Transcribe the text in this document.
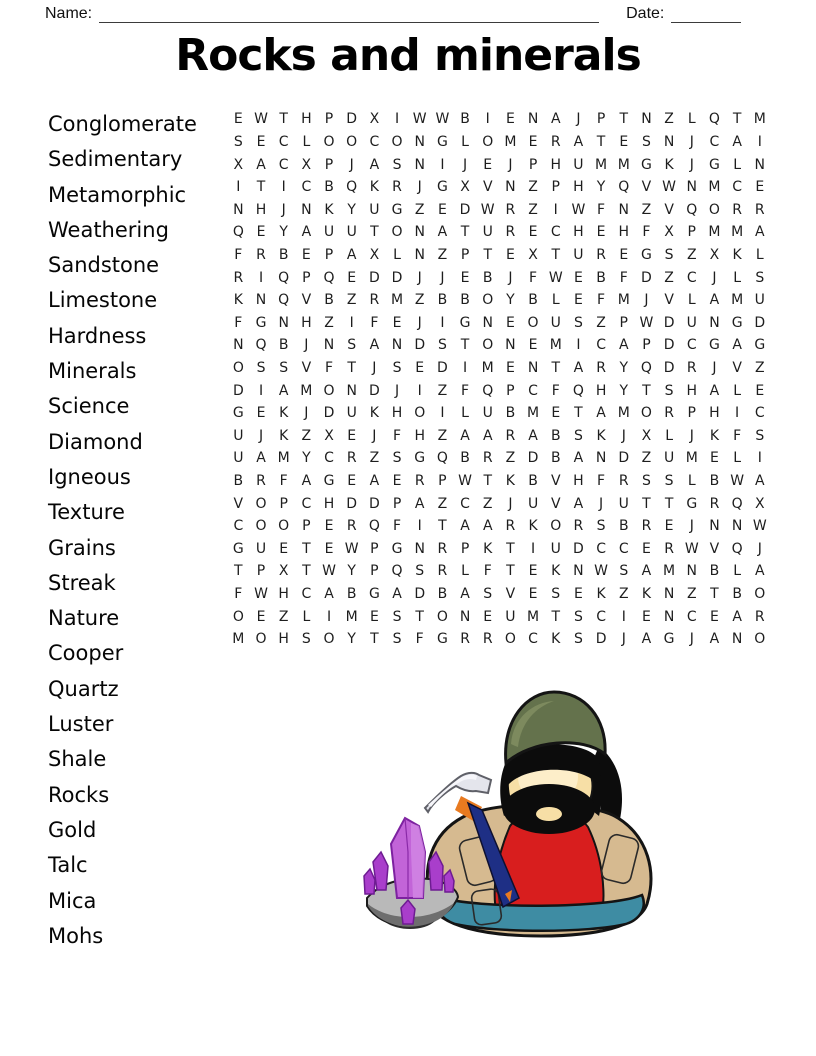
Name:	Date:
Rocks and minerals
Conglomerate
Sedimentary
Metamorphic
Weathering
Sandstone
Limestone
Hardness
Minerals
Science
Diamond
Igneous
Texture
Grains
Streak
Nature
Cooper
Quartz
Luster
Shale
Rocks
Gold
Talc
Mica
Mohs
E W T H P D X	I W W B	I	E N A	J	P	T N Z L Q T M
S E C L O O C O N G L O M E R A T E S N	J	C A	I
X A C X P	J	A S N	I	J	E	J	P H U M M G K	J	G L N
I	T	I	C B Q K R	J	G X V N Z P H Y Q V W N M C E
N H	J	N K Y U G Z E D W R Z	I W F N Z V Q O R R
Q E Y A U U T O N A T U R E C H E H F X P M M A
F R B E	P A X L N Z P	T E X T U R E G S Z X K	L
R	I	Q P Q E D D	J	J	E B	J	F W E B F D Z C	J	L	S
K N Q V B Z R M Z B B O Y B L	E	F M	J	V L A M U
F G N H Z	I	F	E	J	I	G N E O U S Z P W D U N G D
N Q B	J	N S A N D S T O N E M	I	C A P D C G A G
O S S V F	T	J	S E D	I	M E N T A R Y Q D R	J	V Z
D	I	A M O N D	J	I	Z F Q P C F Q H Y	T S H A L	E
G E K	J	D U K H O	I	L U B M E T A M O R P H	I	C
U	J	K Z X E	J	F H Z A A R A B S K	J	X L	J	K	F	S
U A M Y C R Z S G Q B R Z D B A N D Z U M E	L	I
B R F A G E A E R P W T K B V H F R S S	L B W A
V O P C H D D P A Z C Z	J	U V A	J	U T	T G R Q X
C O O P	E R Q F	I	T A A R K O R S B R E	J	N N W
G U E T E W P G N R P K T	I	U D C C E R W V Q	J
T	P X T W Y	P Q S R L	F	T E K N W S A M N B L A
F W H C A B G A D B A S V E S E K Z K N Z T B O
O E Z L	I	M E S T O N E U M T S C	I	E N C E A R
M O H S O Y	T S	F G R R O C K S D	J	A G	J	A N O
